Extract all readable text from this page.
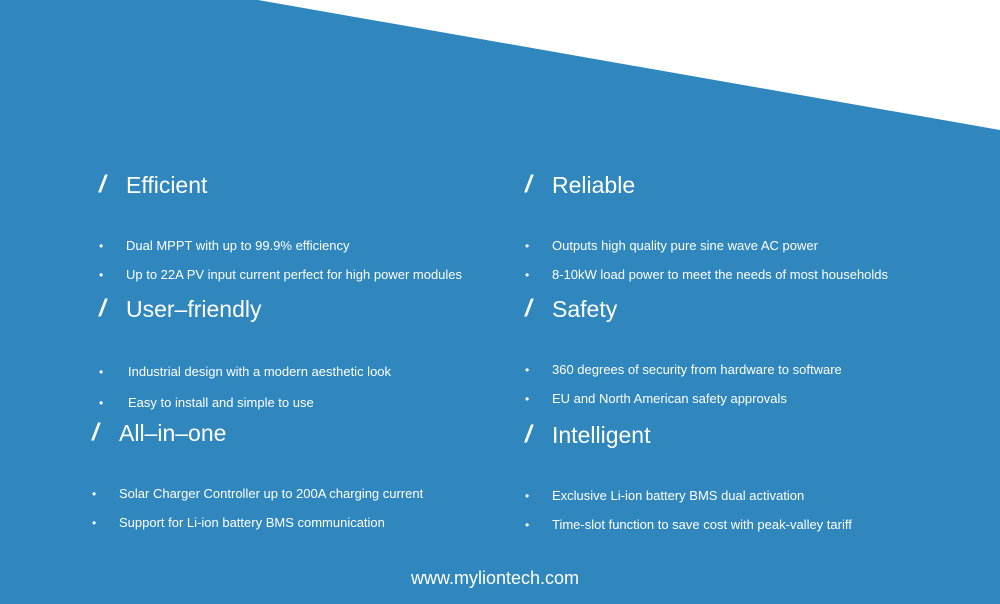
/ Efficient
• Dual MPPT with up to 99.9% efficiency
• Up to 22A PV input current perfect for high power modules
/ Reliable
• Outputs high quality pure sine wave AC power
• 8-10kW load power to meet the needs of most households
/ User–friendly
• Industrial design with a modern aesthetic look
• Easy to install and simple to use
/ Safety
• 360 degrees of security from hardware to software
• EU and North American safety approvals
/ All–in–one
• Solar Charger Controller up to 200A charging current
• Support for Li-ion battery BMS communication
/ Intelligent
• Exclusive Li-ion battery BMS dual activation
• Time-slot function to save cost with peak-valley tariff
www.myliontech.com
